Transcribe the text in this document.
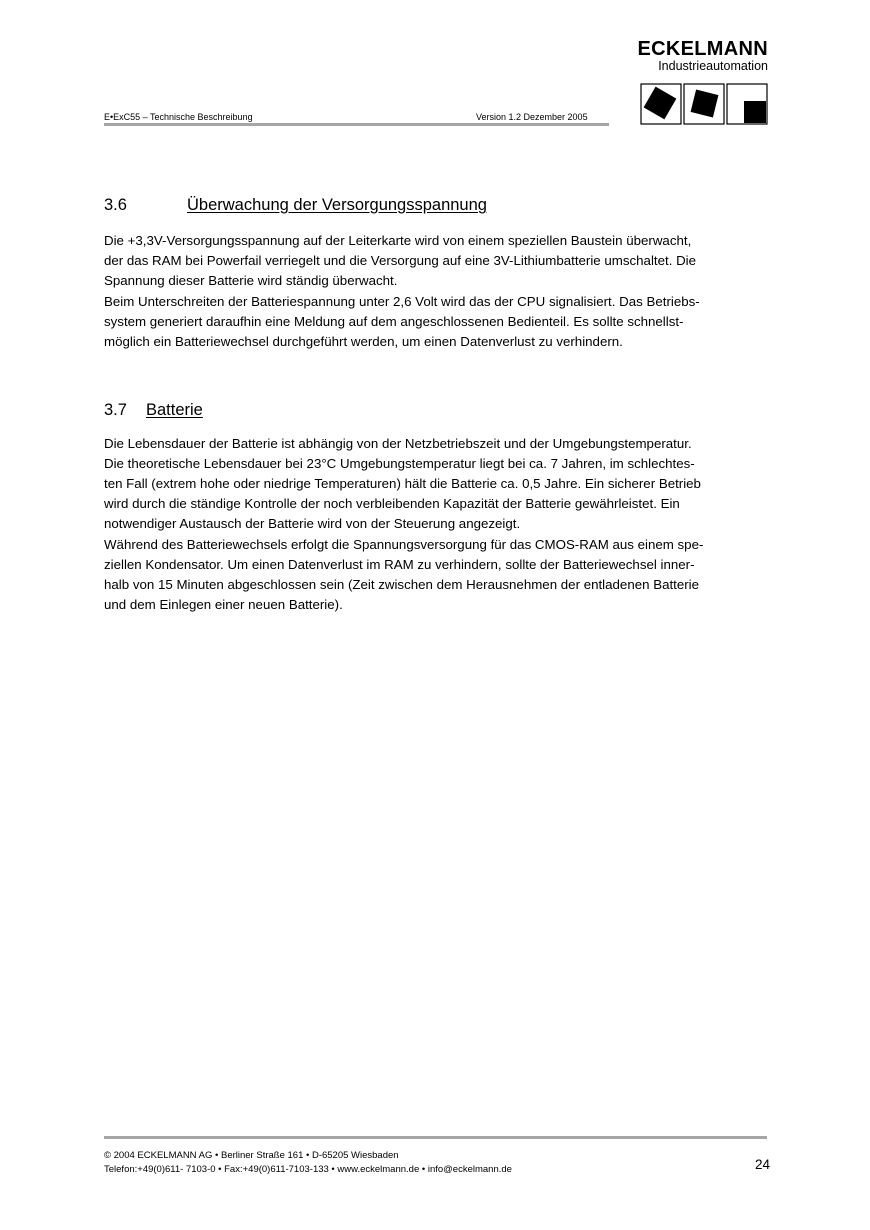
E•ExC55 – Technische Beschreibung	Version 1.2 Dezember 2005
ECKELMANN
Industrieautomation
3.6	Überwachung der Versorgungsspannung
Die +3,3V-Versorgungsspannung auf der Leiterkarte wird von einem speziellen Baustein überwacht,
der das RAM bei Powerfail verriegelt und die Versorgung auf eine 3V-Lithiumbatterie umschaltet. Die
Spannung dieser Batterie wird ständig überwacht.
Beim Unterschreiten der Batteriespannung unter 2,6 Volt wird das der CPU signalisiert. Das Betriebs-
system generiert daraufhin eine Meldung auf dem angeschlossenen Bedienteil. Es sollte schnellst-
möglich ein Batteriewechsel durchgeführt werden, um einen Datenverlust zu verhindern.
3.7 Batterie
Die Lebensdauer der Batterie ist abhängig von der Netzbetriebszeit und der Umgebungstemperatur.
Die theoretische Lebensdauer bei 23°C Umgebungstemperatur liegt bei ca. 7 Jahren, im schlechtes-
ten Fall (extrem hohe oder niedrige Temperaturen) hält die Batterie ca. 0,5 Jahre. Ein sicherer Betrieb
wird durch die ständige Kontrolle der noch verbleibenden Kapazität der Batterie gewährleistet. Ein
notwendiger Austausch der Batterie wird von der Steuerung angezeigt.
Während des Batteriewechsels erfolgt die Spannungsversorgung für das CMOS-RAM aus einem spe-
ziellen Kondensator. Um einen Datenverlust im RAM zu verhindern, sollte der Batteriewechsel inner-
halb von 15 Minuten abgeschlossen sein (Zeit zwischen dem Herausnehmen der entladenen Batterie
und dem Einlegen einer neuen Batterie).
© 2004 ECKELMANN AG • Berliner Straße 161 • D-65205 Wiesbaden
Telefon:+49(0)611- 7103-0 • Fax:+49(0)611-7103-133 • www.eckelmann.de • info@eckelmann.de	24
